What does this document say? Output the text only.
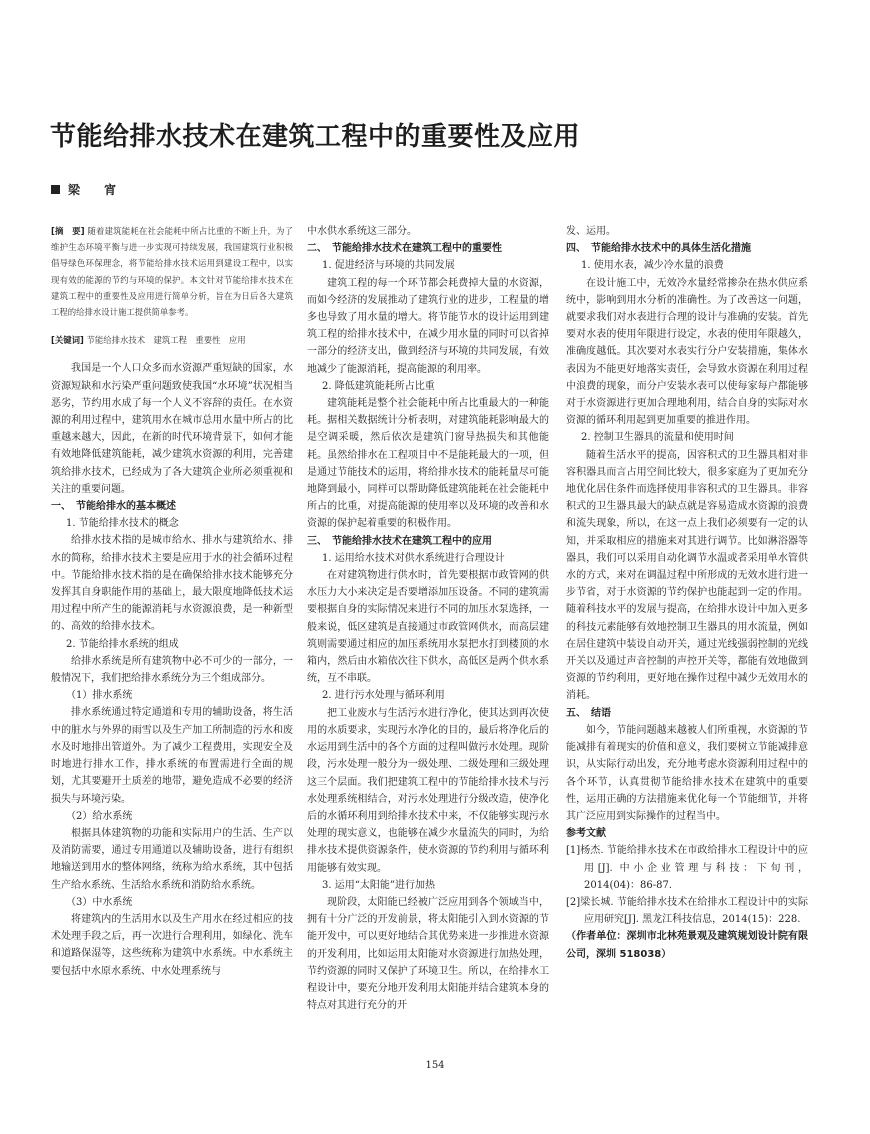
节能给排水技术在建筑工程中的重要性及应用
梁 宵

[摘　要] 随着建筑能耗在社会能耗中所占比重的不断上升，为了维护生态环境平衡与进一步实现可持续发展，我国建筑行业积极倡导绿色环保理念，将节能给排水技术运用到建设工程中，以实现有效的能源的节约与环境的保护。本文针对节能给排水技术在建筑工程中的重要性及应用进行简单分析，旨在为日后各大建筑工程的给排水设计施工提供简单参考。

[关键词] 节能给排水技术　建筑工程　重要性　应用

我国是一个人口众多而水资源严重短缺的国家，水资源短缺和水污染严重问题致使我国“水环境”状况相当恶劣，节约用水成了每一个人义不容辞的责任。在水资源的利用过程中，建筑用水在城市总用水量中所占的比重越来越大，因此，在新的时代环境背景下，如何才能有效地降低建筑能耗，减少建筑水资源的利用，完善建筑给排水技术，已经成为了各大建筑企业所必须重视和关注的重要问题。

一、　节能给排水的基本概述

1. 节能给排水技术的概念

给排水技术指的是城市给水、排水与建筑给水、排水的简称，给排水技术主要是应用于水的社会循环过程中。节能给排水技术指的是在确保给排水技术能够充分发挥其自身职能作用的基础上，最大限度地降低技术运用过程中所产生的能源消耗与水资源浪费，是一种新型的、高效的给排水技术。

2. 节能给排水系统的组成

给排水系统是所有建筑物中必不可少的一部分，一般情况下，我们把给排水系统分为三个组成部分。

（1）排水系统

排水系统通过特定通道和专用的辅助设备，将生活中的脏水与外界的雨雪以及生产加工所制造的污水和废水及时地排出管道外。为了减少工程费用，实现安全及时地进行排水工作，排水系统的布置需进行全面的规划，尤其要避开土质差的地带，避免造成不必要的经济损失与环境污染。

（2）给水系统

根据具体建筑物的功能和实际用户的生活、生产以及消防需要，通过专用通道以及辅助设备，进行有组织地输送到用水的整体网络，统称为给水系统，其中包括生产给水系统、生活给水系统和消防给水系统。

（3）中水系统

将建筑内的生活用水以及生产用水在经过相应的技术处理手段之后，再一次进行合理利用，如绿化、洗车和道路保湿等，这些统称为建筑中水系统。中水系统主要包括中水原水系统、中水处理系统与

中水供水系统这三部分。

二、　节能给排水技术在建筑工程中的重要性

1. 促进经济与环境的共同发展

建筑工程的每一个环节都会耗费掉大量的水资源，而如今经济的发展推动了建筑行业的进步，工程量的增多也导致了用水量的增大。将节能节水的设计运用到建筑工程的给排水技术中，在减少用水量的同时可以省掉一部分的经济支出，做到经济与环境的共同发展，有效地减少了能源消耗，提高能源的利用率。

2. 降低建筑能耗所占比重

建筑能耗是整个社会能耗中所占比重最大的一种能耗。据相关数据统计分析表明，对建筑能耗影响最大的是空调采暖，然后依次是建筑门窗导热损失和其他能耗。虽然给排水在工程项目中不是能耗最大的一项，但是通过节能技术的运用，将给排水技术的能耗量尽可能地降到最小，同样可以帮助降低建筑能耗在社会能耗中所占的比重，对提高能源的使用率以及环境的改善和水资源的保护起着重要的积极作用。

三、　节能给排水技术在建筑工程中的应用

1. 运用给水技术对供水系统进行合理设计

在对建筑物进行供水时，首先要根据市政管网的供水压力大小来决定是否要增添加压设备。不同的建筑需要根据自身的实际情况来进行不同的加压水泵选择，一般来说，低区建筑是直接通过市政管网供水，而高层建筑则需要通过相应的加压系统用水泵把水打到楼顶的水箱内，然后由水箱依次往下供水，高低区是两个供水系统，互不串联。

2. 进行污水处理与循环利用

把工业废水与生活污水进行净化，使其达到再次使用的水质要求，实现污水净化的目的，最后将净化后的水运用到生活中的各个方面的过程叫做污水处理。现阶段，污水处理一般分为一级处理、二级处理和三级处理这三个层面。我们把建筑工程中的节能给排水技术与污水处理系统相结合，对污水处理进行分级改造，使净化后的水循环利用到给排水技术中来，不仅能够实现污水处理的现实意义，也能够在减少水量流失的同时，为给排水技术提供资源条件，使水资源的节约利用与循环利用能够有效实现。

3. 运用“太阳能”进行加热

现阶段，太阳能已经被广泛应用到各个领域当中，拥有十分广泛的开发前景，将太阳能引入到水资源的节能开发中，可以更好地结合其优势来进一步推进水资源的开发利用，比如运用太阳能对水资源进行加热处理，节约资源的同时又保护了环境卫生。所以，在给排水工程设计中，要充分地开发利用太阳能并结合建筑本身的特点对其进行充分的开

发、运用。

四、　节能给排水技术中的具体生活化措施

1. 使用水表，减少冷水量的浪费

在设计施工中，无效冷水量经常掺杂在热水供应系统中，影响到用水分析的准确性。为了改善这一问题，就要求我们对水表进行合理的设计与准确的安装。首先要对水表的使用年限进行设定，水表的使用年限越久，准确度越低。其次要对水表实行分户安装措施，集体水表因为不能更好地落实责任，会导致水资源在利用过程中浪费的现象，而分户安装水表可以使每家每户都能够对于水资源进行更加合理地利用，结合自身的实际对水资源的循环利用起到更加重要的推进作用。

2. 控制卫生器具的流量和使用时间

随着生活水平的提高，因容积式的卫生器具相对非容积器具而言占用空间比较大，很多家庭为了更加充分地优化居住条件而选择使用非容积式的卫生器具。非容积式的卫生器具最大的缺点就是容易造成水资源的浪费和流失现象，所以，在这一点上我们必须要有一定的认知，并采取相应的措施来对其进行调节。比如淋浴器等器具，我们可以采用自动化调节水温或者采用单水管供水的方式，来对在调温过程中所形成的无效水进行进一步节省，对于水资源的节约保护也能起到一定的作用。随着科技水平的发展与提高，在给排水设计中加入更多的科技元素能够有效地控制卫生器具的用水流量，例如在居住建筑中装设自动开关，通过光线强弱控制的光线开关以及通过声音控制的声控开关等，都能有效地做到资源的节约利用，更好地在操作过程中减少无效用水的消耗。

五、　结语

如今，节能问题越来越被人们所重视，水资源的节能减排有着现实的价值和意义，我们要树立节能减排意识，从实际行动出发，充分地考虑水资源利用过程中的各个环节，认真贯彻节能给排水技术在建筑中的重要性，运用正确的方法措施来优化每一个节能细节，并将其广泛应用到实际操作的过程当中。

参考文献

[1]杨杰. 节能给排水技术在市政给排水工程设计中的应用[J]. 中小企业管理与科技：下旬刊，2014(04)：86-87.

[2]梁长城. 节能给排水技术在给排水工程设计中的实际应用研究[J]. 黑龙江科技信息，2014(15)：228.

（作者单位：深圳市北林苑景观及建筑规划设计院有限公司，深圳 518038）

154
